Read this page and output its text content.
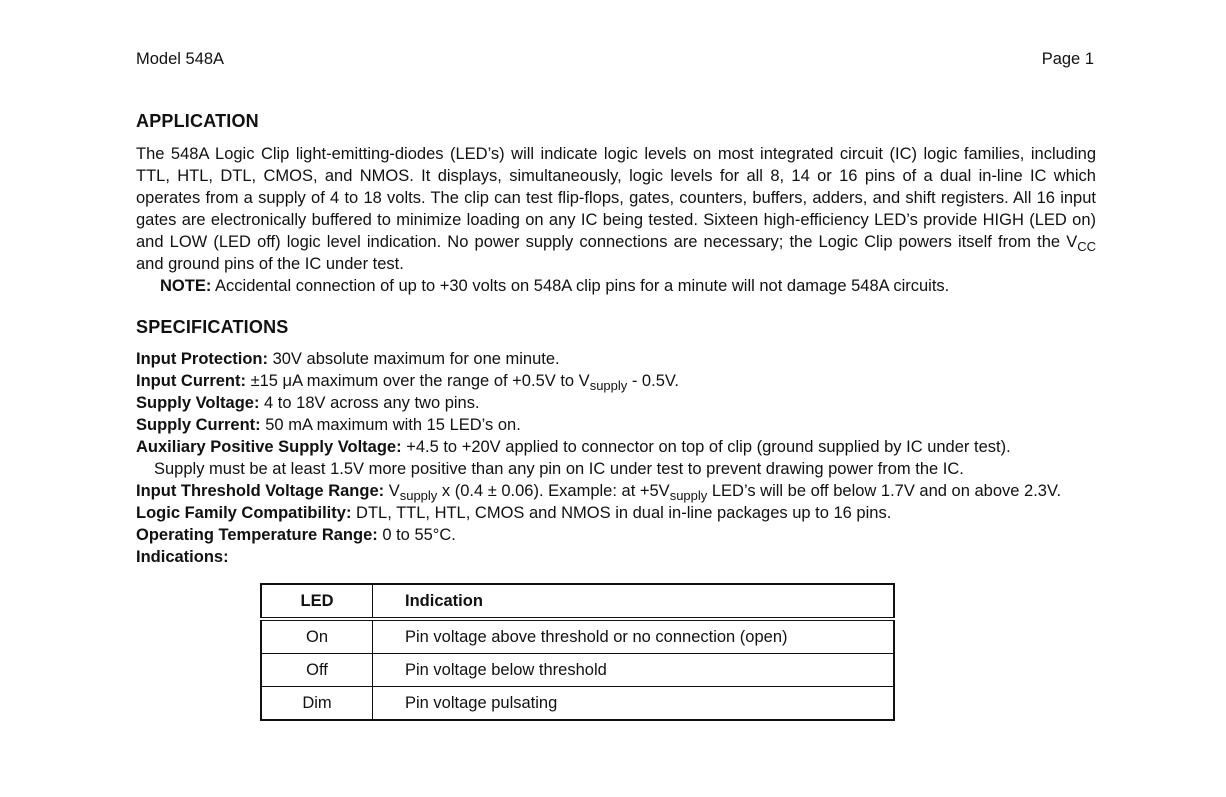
Model 548A	Page 1
APPLICATION

The 548A Logic Clip light-emitting-diodes (LED’s) will indicate logic levels on most integrated circuit (IC) logic families, including TTL, HTL, DTL, CMOS, and NMOS. It displays, simultaneously, logic levels for all 8, 14 or 16 pins of a dual in-line IC which operates from a supply of 4 to 18 volts. The clip can test flip-flops, gates, counters, buffers, adders, and shift registers. All 16 input gates are electronically buffered to minimize loading on any IC being tested. Sixteen high-efficiency LED’s provide HIGH (LED on) and LOW (LED off) logic level indication. No power supply connections are necessary; the Logic Clip powers itself from the $V_{CC}$ and ground pins of the IC under test.

NOTE: Accidental connection of up to +30 volts on 548A clip pins for a minute will not damage 548A circuits.

SPECIFICATIONS

Input Protection: 30V absolute maximum for one minute.

Input Current: ±15 μA maximum over the range of +0.5V to $V_{supply} - 0.5V$.

Supply Voltage: 4 to 18V across any two pins.

Supply Current: 50 mA maximum with 15 LED’s on.

Auxiliary Positive Supply Voltage: +4.5 to +20V applied to connector on top of clip (ground supplied by IC under test).
Supply must be at least 1.5V more positive than any pin on IC under test to prevent drawing power from the IC.

Input Threshold Voltage Range: $V_{supply}$ x (0.4 ± 0.06). Example: at $+5V_{supply}$ LED’s will be off below 1.7V and on above 2.3V.

Logic Family Compatibility: DTL, TTL, HTL, CMOS and NMOS in dual in-line packages up to 16 pins.

Operating Temperature Range: 0 to 55°C.

Indications:

LED	Indication
On	Pin voltage above threshold or no connection (open)
Off	Pin voltage below threshold
Dim	Pin voltage pulsating
